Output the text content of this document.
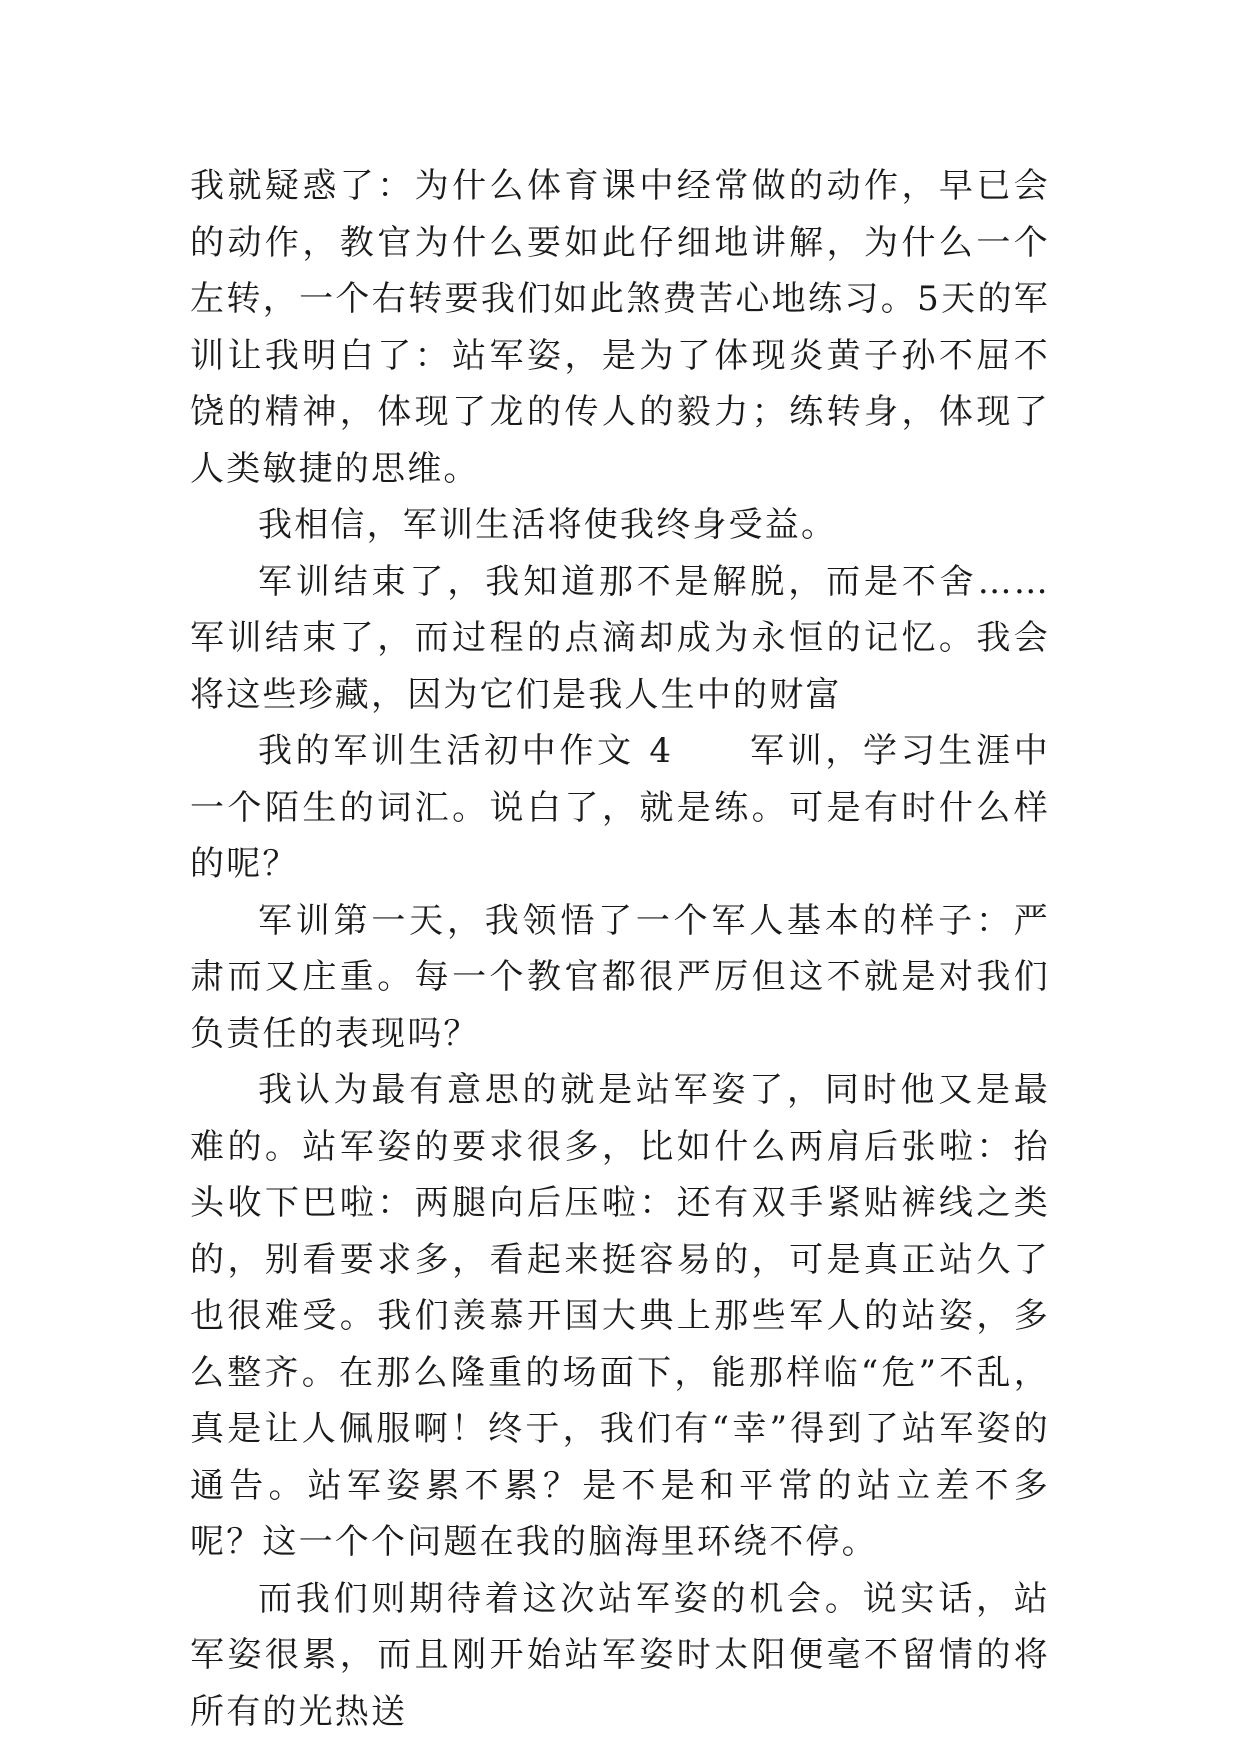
我就疑惑了：为什么体育课中经常做的动作，早已会的动作，教官为什么要如此仔细地讲解，为什么一个左转，一个右转要我们如此煞费苦心地练习。5天的军训让我明白了：站军姿，是为了体现炎黄子孙不屈不饶的精神，体现了龙的传人的毅力；练转身，体现了人类敏捷的思维。

我相信，军训生活将使我终身受益。

军训结束了，我知道那不是解脱，而是不舍……军训结束了，而过程的点滴却成为永恒的记忆。我会将这些珍藏，因为它们是我人生中的财富

我的军训生活初中作文 4　　军训，学习生涯中一个陌生的词汇。说白了，就是练。可是有时什么样的呢？

军训第一天，我领悟了一个军人基本的样子：严肃而又庄重。每一个教官都很严厉但这不就是对我们负责任的表现吗？

我认为最有意思的就是站军姿了，同时他又是最难的。站军姿的要求很多，比如什么两肩后张啦：抬头收下巴啦：两腿向后压啦：还有双手紧贴裤线之类的，别看要求多，看起来挺容易的，可是真正站久了也很难受。我们羡慕开国大典上那些军人的站姿，多么整齐。在那么隆重的场面下，能那样临“危”不乱，真是让人佩服啊！终于，我们有“幸”得到了站军姿的通告。站军姿累不累？是不是和平常的站立差不多呢？这一个个问题在我的脑海里环绕不停。

而我们则期待着这次站军姿的机会。说实话，站军姿很累，而且刚开始站军姿时太阳便毫不留情的将所有的光热送
